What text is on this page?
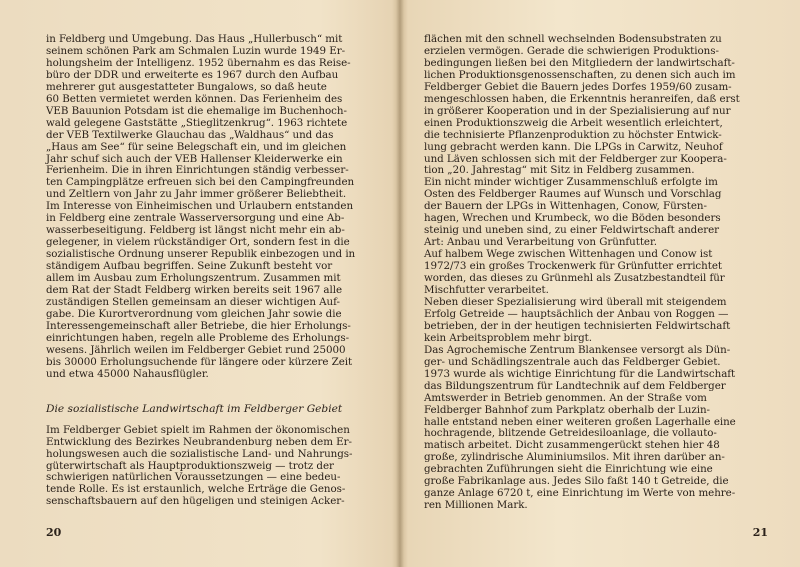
in Feldberg und Umgebung. Das Haus „Hullerbusch“ mit
seinem schönen Park am Schmalen Luzin wurde 1949 Er-
holungsheim der Intelligenz. 1952 übernahm es das Reise-
büro der DDR und erweiterte es 1967 durch den Aufbau
mehrerer gut ausgestatteter Bungalows, so daß heute
60 Betten vermietet werden können. Das Ferienheim des
VEB Bauunion Potsdam ist die ehemalige im Buchenhoch-
wald gelegene Gaststätte „Stieglitzenkrug“. 1963 richtete
der VEB Textilwerke Glauchau das „Waldhaus“ und das
„Haus am See“ für seine Belegschaft ein, und im gleichen
Jahr schuf sich auch der VEB Hallenser Kleiderwerke ein
Ferienheim. Die in ihren Einrichtungen ständig verbesser-
ten Campingplätze erfreuen sich bei den Campingfreunden
und Zeltlern von Jahr zu Jahr immer größerer Beliebtheit.
Im Interesse von Einheimischen und Urlaubern entstanden
in Feldberg eine zentrale Wasserversorgung und eine Ab-
wasserbeseitigung. Feldberg ist längst nicht mehr ein ab-
gelegener, in vielem rückständiger Ort, sondern fest in die
sozialistische Ordnung unserer Republik einbezogen und in
ständigem Aufbau begriffen. Seine Zukunft besteht vor
allem im Ausbau zum Erholungszentrum. Zusammen mit
dem Rat der Stadt Feldberg wirken bereits seit 1967 alle
zuständigen Stellen gemeinsam an dieser wichtigen Auf-
gabe. Die Kurortverordnung vom gleichen Jahr sowie die
Interessengemeinschaft aller Betriebe, die hier Erholungs-
einrichtungen haben, regeln alle Probleme des Erholungs-
wesens. Jährlich weilen im Feldberger Gebiet rund 25000
bis 30000 Erholungsuchende für längere oder kürzere Zeit
und etwa 45000 Nahausflügler.

Die sozialistische Landwirtschaft im Feldberger Gebiet

Im Feldberger Gebiet spielt im Rahmen der ökonomischen
Entwicklung des Bezirkes Neubrandenburg neben dem Er-
holungswesen auch die sozialistische Land- und Nahrungs-
güterwirtschaft als Hauptproduktionszweig — trotz der
schwierigen natürlichen Voraussetzungen — eine bedeu-
tende Rolle. Es ist erstaunlich, welche Erträge die Genos-
senschaftsbauern auf den hügeligen und steinigen Acker-

20

flächen mit den schnell wechselnden Bodensubstraten zu
erzielen vermögen. Gerade die schwierigen Produktions-
bedingungen ließen bei den Mitgliedern der landwirtschaft-
lichen Produktionsgenossenschaften, zu denen sich auch im
Feldberger Gebiet die Bauern jedes Dorfes 1959/60 zusam-
mengeschlossen haben, die Erkenntnis heranreifen, daß erst
in größerer Kooperation und in der Spezialisierung auf nur
einen Produktionszweig die Arbeit wesentlich erleichtert,
die technisierte Pflanzenproduktion zu höchster Entwick-
lung gebracht werden kann. Die LPGs in Carwitz, Neuhof
und Läven schlossen sich mit der Feldberger zur Koopera-
tion „20. Jahrestag“ mit Sitz in Feldberg zusammen.

Ein nicht minder wichtiger Zusammenschluß erfolgte im
Osten des Feldberger Raumes auf Wunsch und Vorschlag
der Bauern der LPGs in Wittenhagen, Conow, Fürsten-
hagen, Wrechen und Krumbeck, wo die Böden besonders
steinig und uneben sind, zu einer Feldwirtschaft anderer
Art: Anbau und Verarbeitung von Grünfutter.

Auf halbem Wege zwischen Wittenhagen und Conow ist
1972/73 ein großes Trockenwerk für Grünfutter errichtet
worden, das dieses zu Grünmehl als Zusatzbestandteil für
Mischfutter verarbeitet.

Neben dieser Spezialisierung wird überall mit steigendem
Erfolg Getreide — hauptsächlich der Anbau von Roggen —
betrieben, der in der heutigen technisierten Feldwirtschaft
kein Arbeitsproblem mehr birgt.

Das Agrochemische Zentrum Blankensee versorgt als Dün-
ger- und Schädlingszentrale auch das Feldberger Gebiet.
1973 wurde als wichtige Einrichtung für die Landwirtschaft
das Bildungszentrum für Landtechnik auf dem Feldberger
Amtswerder in Betrieb genommen. An der Straße vom
Feldberger Bahnhof zum Parkplatz oberhalb der Luzin-
halle entstand neben einer weiteren großen Lagerhalle eine
hochragende, blitzende Getreidesiloanlage, die vollauto-
matisch arbeitet. Dicht zusammengerückt stehen hier 48
große, zylindrische Aluminiumsilos. Mit ihren darüber an-
gebrachten Zuführungen sieht die Einrichtung wie eine
große Fabrikanlage aus. Jedes Silo faßt 140 t Getreide, die
ganze Anlage 6720 t, eine Einrichtung im Werte von mehre-
ren Millionen Mark.

21
